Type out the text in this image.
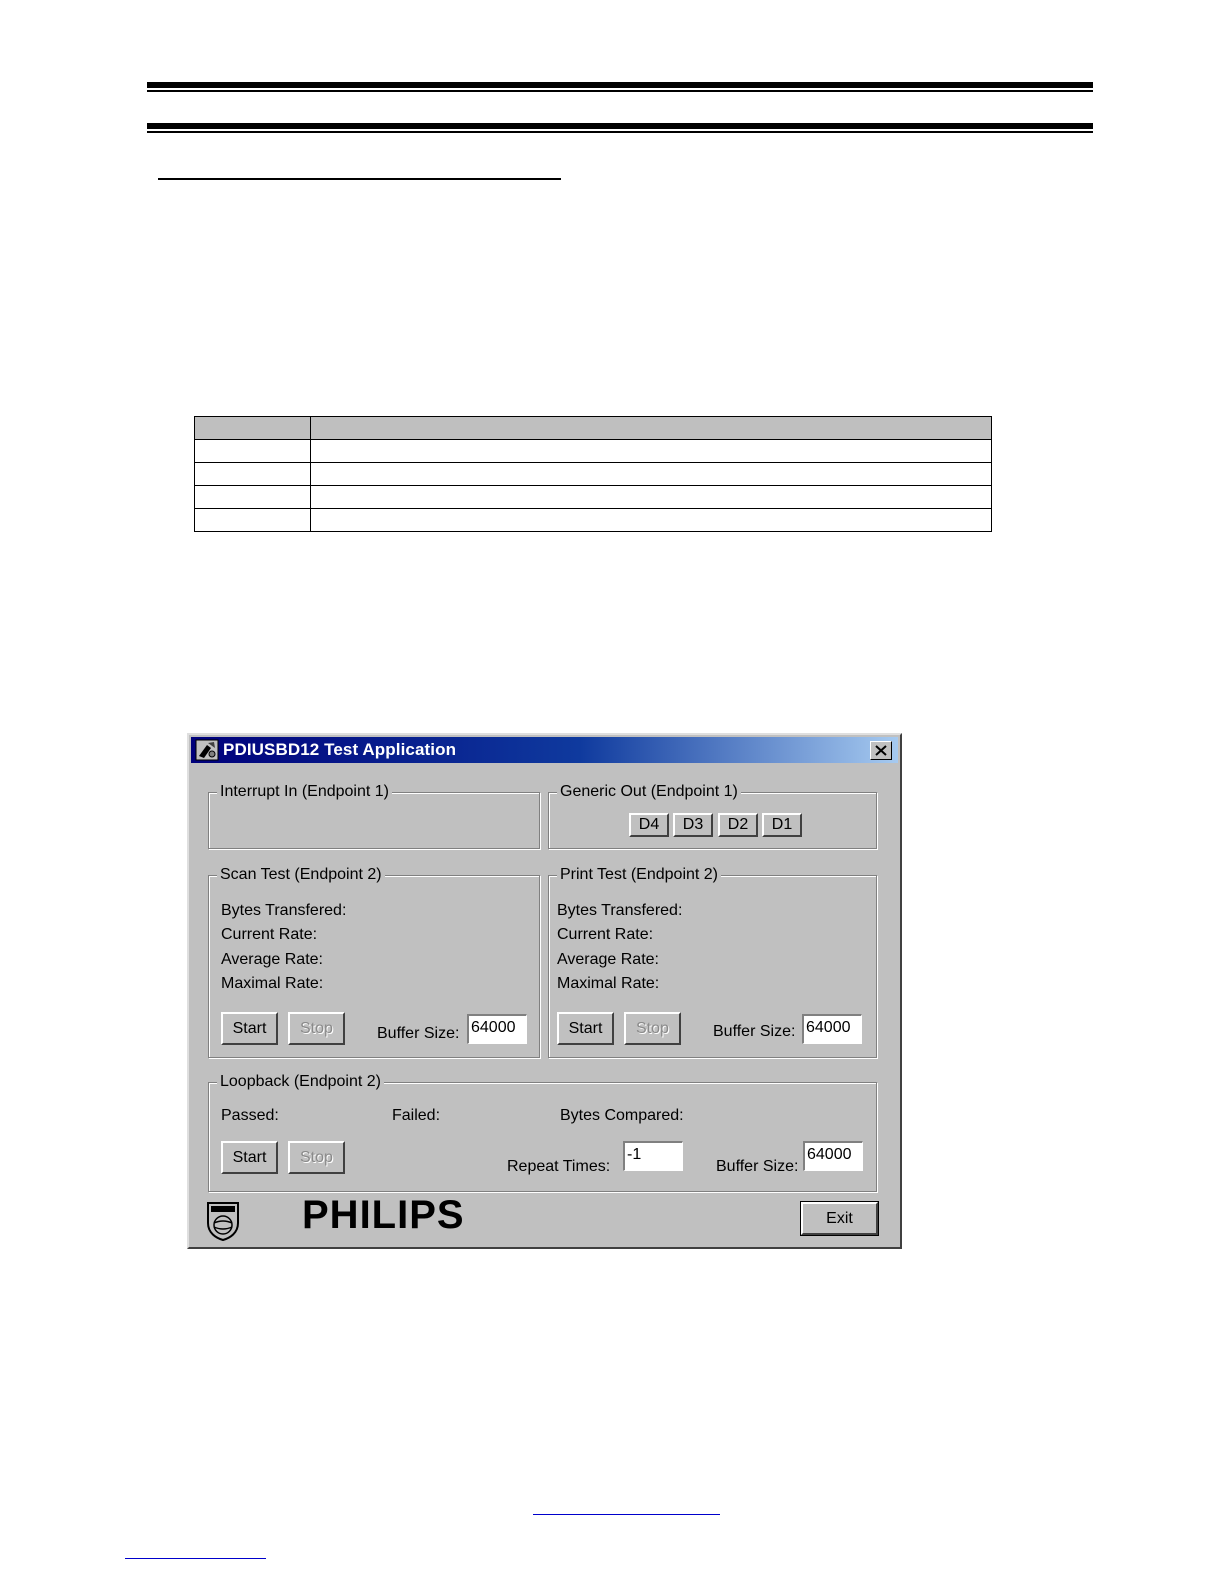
PDIUSBD12 Test Application
Interrupt In (Endpoint 1)	Generic Out (Endpoint 1)
D4	D3	D2	D1
Scan Test (Endpoint 2)
Bytes Transfered:
Current Rate:
Average Rate:
Maximal Rate:
Start	Stop	Buffer Size: 64000
Print Test (Endpoint 2)
Bytes Transfered:
Current Rate:
Average Rate:
Maximal Rate:
Start	Stop	Buffer Size: 64000
Loopback (Endpoint 2)
Passed:	Failed:	Bytes Compared:
Start	Stop
Repeat Times:
-1
Buffer Size:
64000
PHILIPS	Exit
